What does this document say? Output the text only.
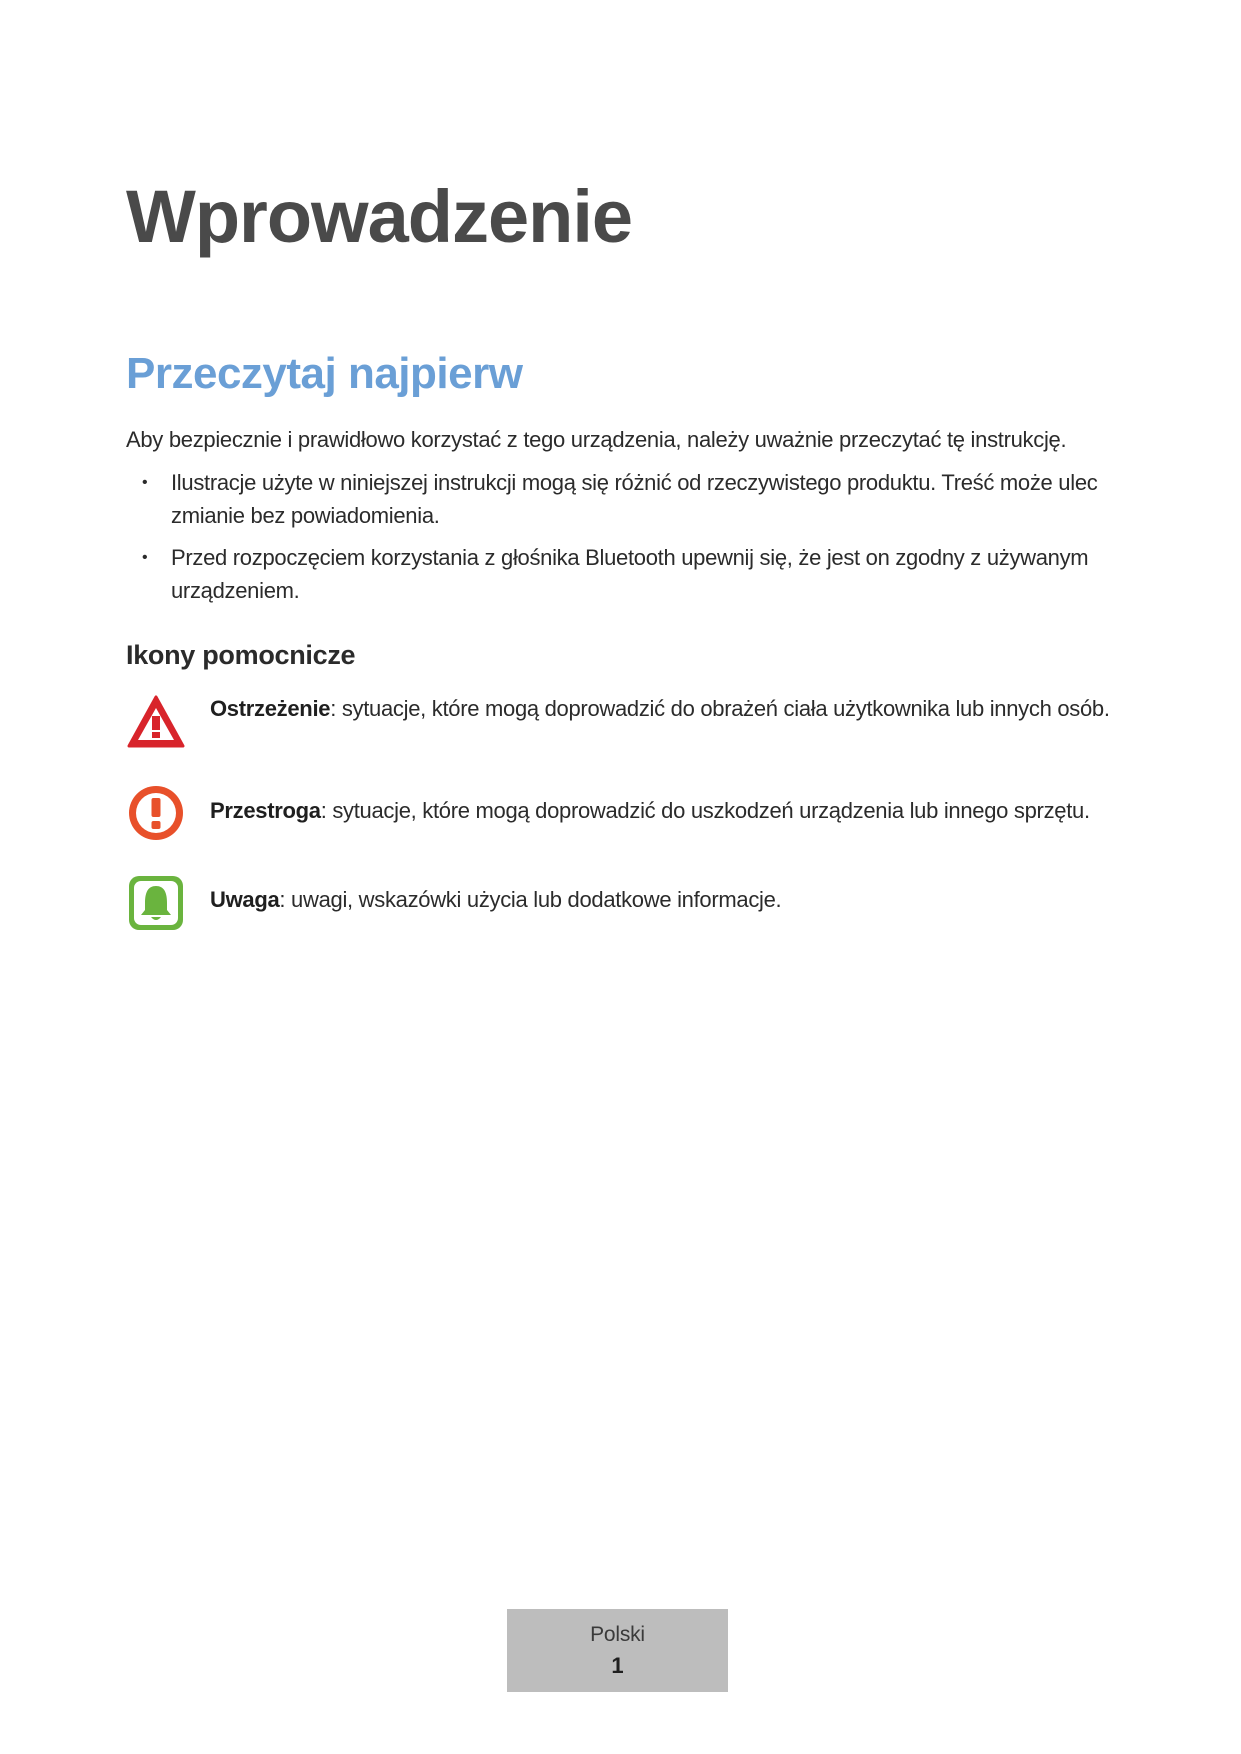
Wprowadzenie
Przeczytaj najpierw

Aby bezpiecznie i prawidłowo korzystać z tego urządzenia, należy uważnie przeczytać tę instrukcję.

• Ilustracje użyte w niniejszej instrukcji mogą się różnić od rzeczywistego produktu. Treść może ulec zmianie bez powiadomienia.
• Przed rozpoczęciem korzystania z głośnika Bluetooth upewnij się, że jest on zgodny z używanym urządzeniem.
Ikony pomocnicze
Ostrzeżenie: sytuacje, które mogą doprowadzić do obrażeń ciała użytkownika lub innych osób.
Przestroga: sytuacje, które mogą doprowadzić do uszkodzeń urządzenia lub innego sprzętu.
Uwaga: uwagi, wskazówki użycia lub dodatkowe informacje.
Polski
1
